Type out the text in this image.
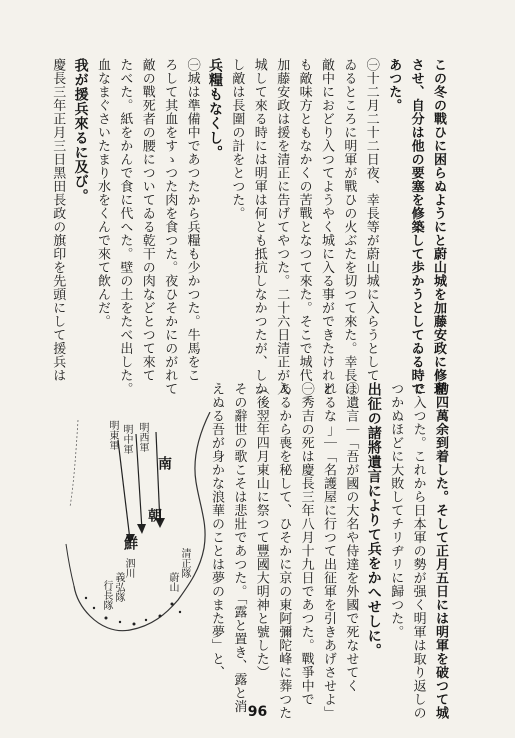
この冬の戰ひに困らぬようにと蔚山城を加藤安政に修理
させ、自分は他の要塞を修築して歩かうとしてゐる時で
あつた。
㊀十二月二十二日夜、幸長等が蔚山城に入らうとして
ゐるところに明軍が戰ひの火ぶたを切つて來た。幸長は
敵中におどり入つてようやく城に入る事ができたけれど
も敵味方ともなかくの苦戰となつて來た。そこで城代
加藤安政は援を清正に告げてやつた。二十六日清正が入
城して來る時には明軍は何とも抵抗しなかつたが、しか
し敵は長圍の計をとつた。
兵糧もなくし。
㊀城は準備中であつたから兵糧も少かつた。牛馬をこ
ろして其血をすゝつた肉を食つた。夜ひそかにのがれて
敵の戰死者の腰についてゐる乾干の肉などとつて來て
たべた。紙をかんで食に代へた。壁の土をたべ出した。
血なまぐさいたまり水をくんで來て飲んだ。
我が援兵來るに及び。
慶長三年正月三日黑田長政の旗印を先頭にして援兵は
約四萬余到着した。そして正月五日には明軍を破つて城
に入つた。これから日本軍の勢が强く明軍は取り返しの
つかぬほどに大敗してチリヂリに歸つた。
出征の諸將遺言によりて兵をかへせしに。
㊀遺言｜「吾が國の大名や侍達を外國で死なせてく
れるな｣｜「名護屋に行つて出征軍を引きあげさせよ」
㊀秀吉の死は慶長三年八月十九日であつた。戰爭中で
あるから喪を秘して、ひそかに京の東阿彌陀峰に葬つた
（後翌年四月東山に祭つて豐國大明神と號した）
その辭世の歌こそは悲壯であつた。「露と置き、露と消
えぬる吾が身かな浪華のことは夢のまた夢」と、
明東軍 明中軍 明西軍
南
朝
鮮
清正隊
蔚山
泗川
義弘隊
行長隊
96
